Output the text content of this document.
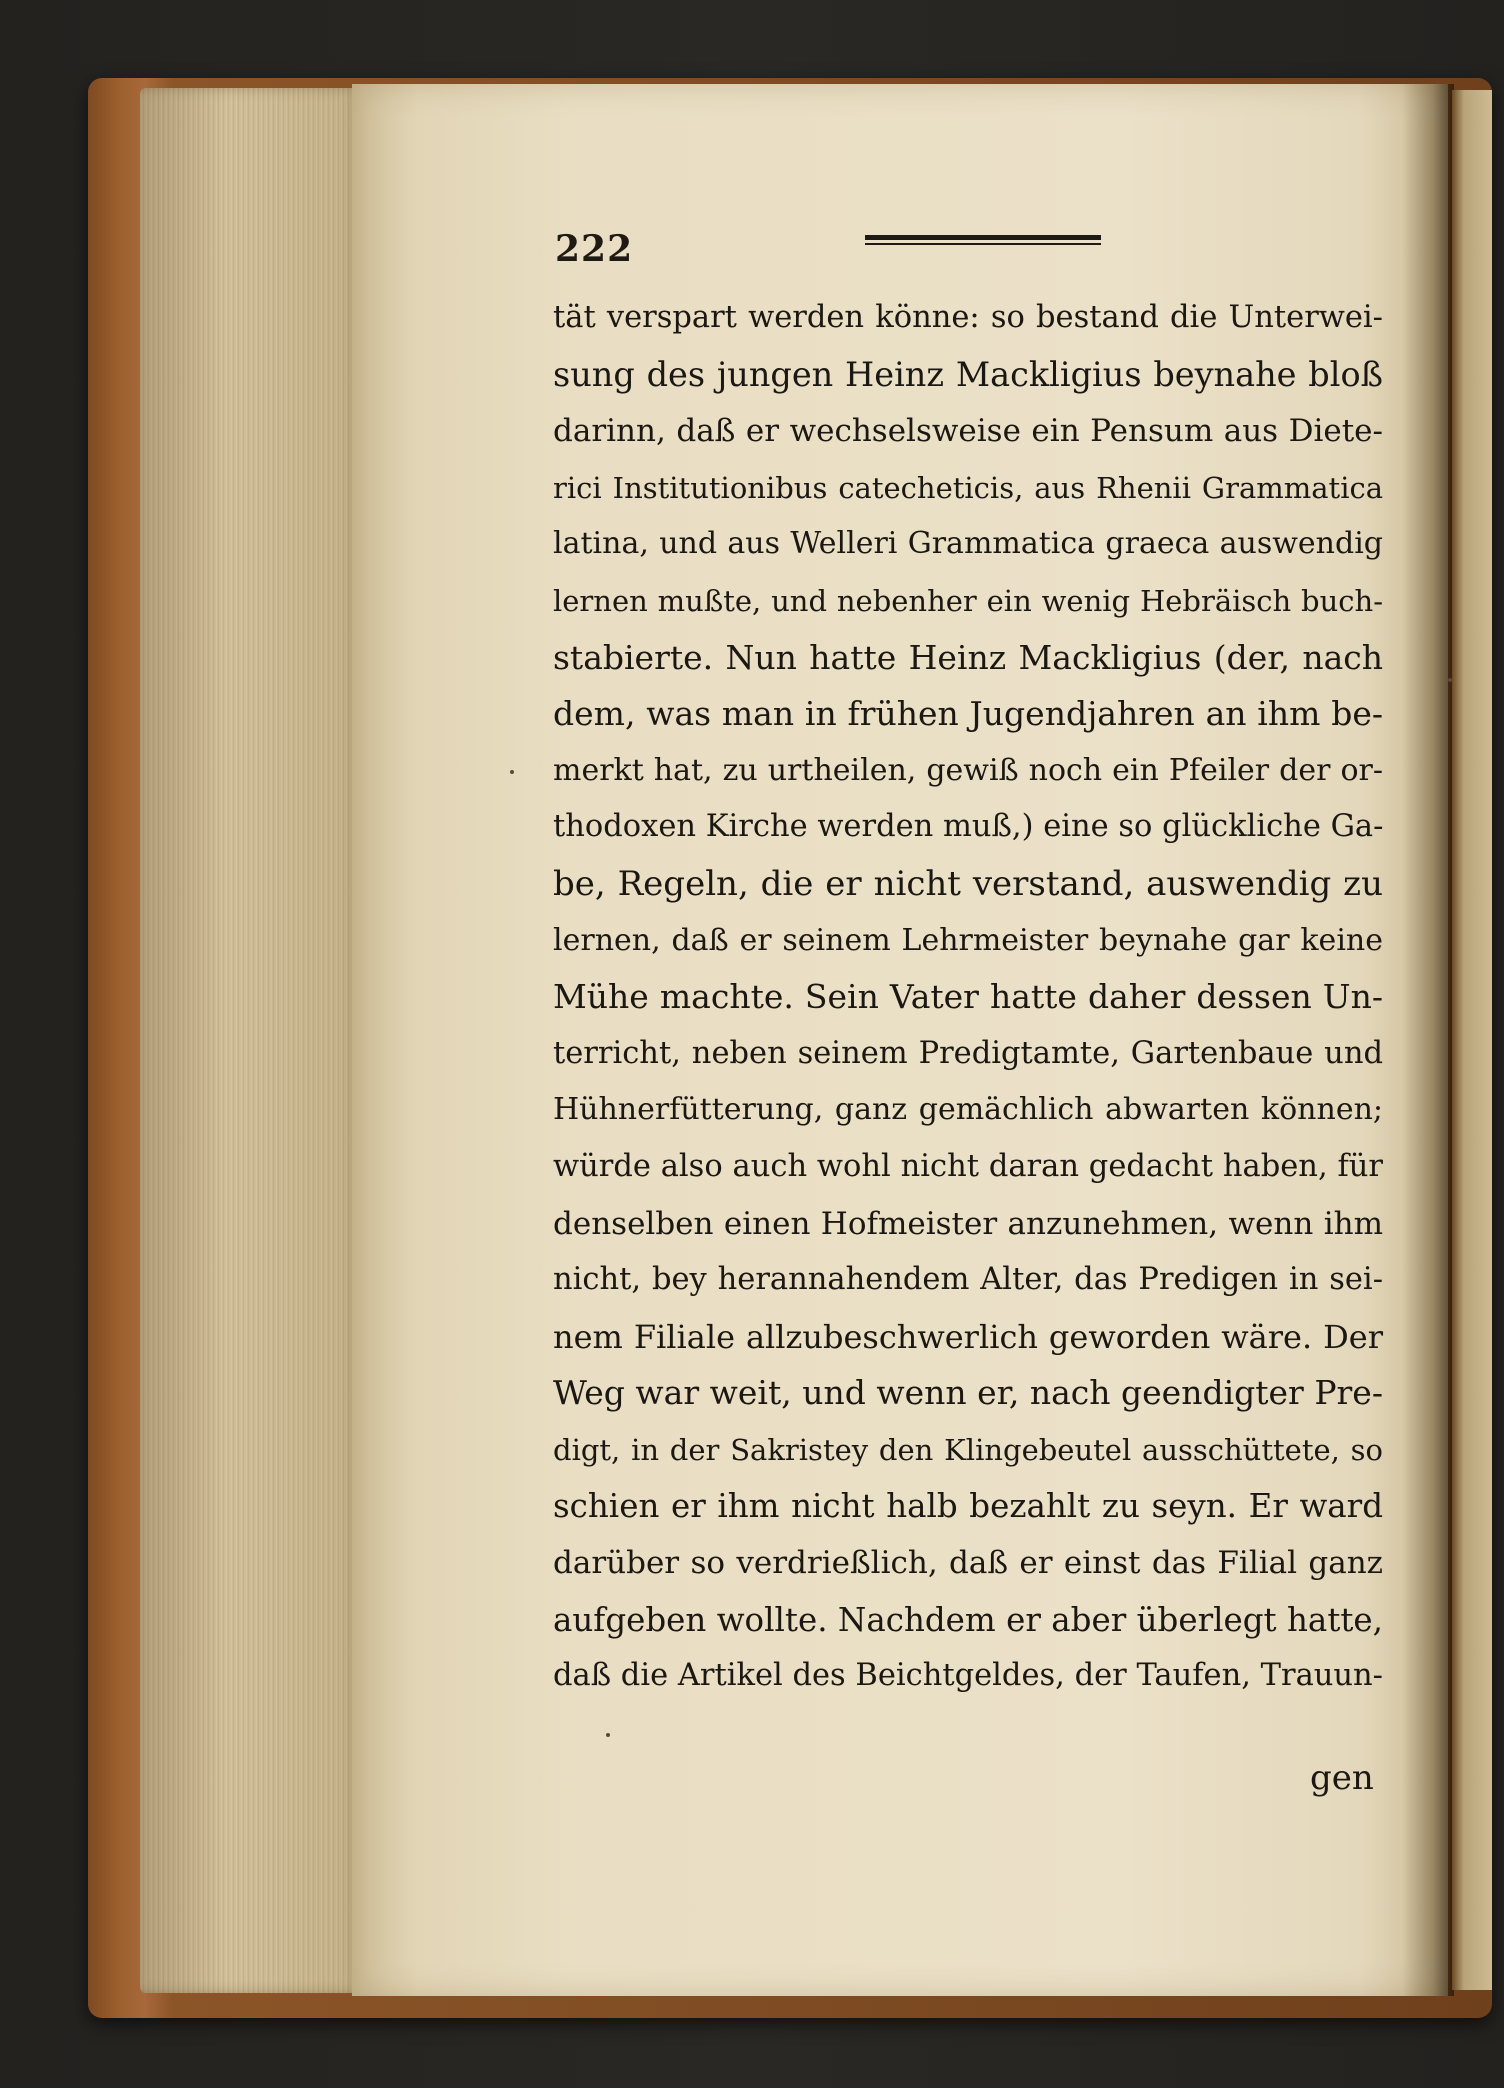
222
tät verspart werden könne: so bestand die Unterwei-
sung des jungen Heinz Mackligius beynahe bloß
darinn, daß er wechselsweise ein Pensum aus Diete-
rici Institutionibus catecheticis, aus Rhenii Grammatica
latina, und aus Welleri Grammatica graeca auswendig
lernen mußte, und nebenher ein wenig Hebräisch buch-
stabierte. Nun hatte Heinz Mackligius (der, nach
dem, was man in frühen Jugendjahren an ihm be-
merkt hat, zu urtheilen, gewiß noch ein Pfeiler der or-
thodoxen Kirche werden muß,) eine so glückliche Ga-
be, Regeln, die er nicht verstand, auswendig zu
lernen, daß er seinem Lehrmeister beynahe gar keine
Mühe machte. Sein Vater hatte daher dessen Un-
terricht, neben seinem Predigtamte, Gartenbaue und
Hühnerfütterung, ganz gemächlich abwarten können;
würde also auch wohl nicht daran gedacht haben, für
denselben einen Hofmeister anzunehmen, wenn ihm
nicht, bey herannahendem Alter, das Predigen in sei-
nem Filiale allzubeschwerlich geworden wäre. Der
Weg war weit, und wenn er, nach geendigter Pre-
digt, in der Sakristey den Klingebeutel ausschüttete, so
schien er ihm nicht halb bezahlt zu seyn. Er ward
darüber so verdrießlich, daß er einst das Filial ganz
aufgeben wollte. Nachdem er aber überlegt hatte,
daß die Artikel des Beichtgeldes, der Taufen, Trauun-
gen
